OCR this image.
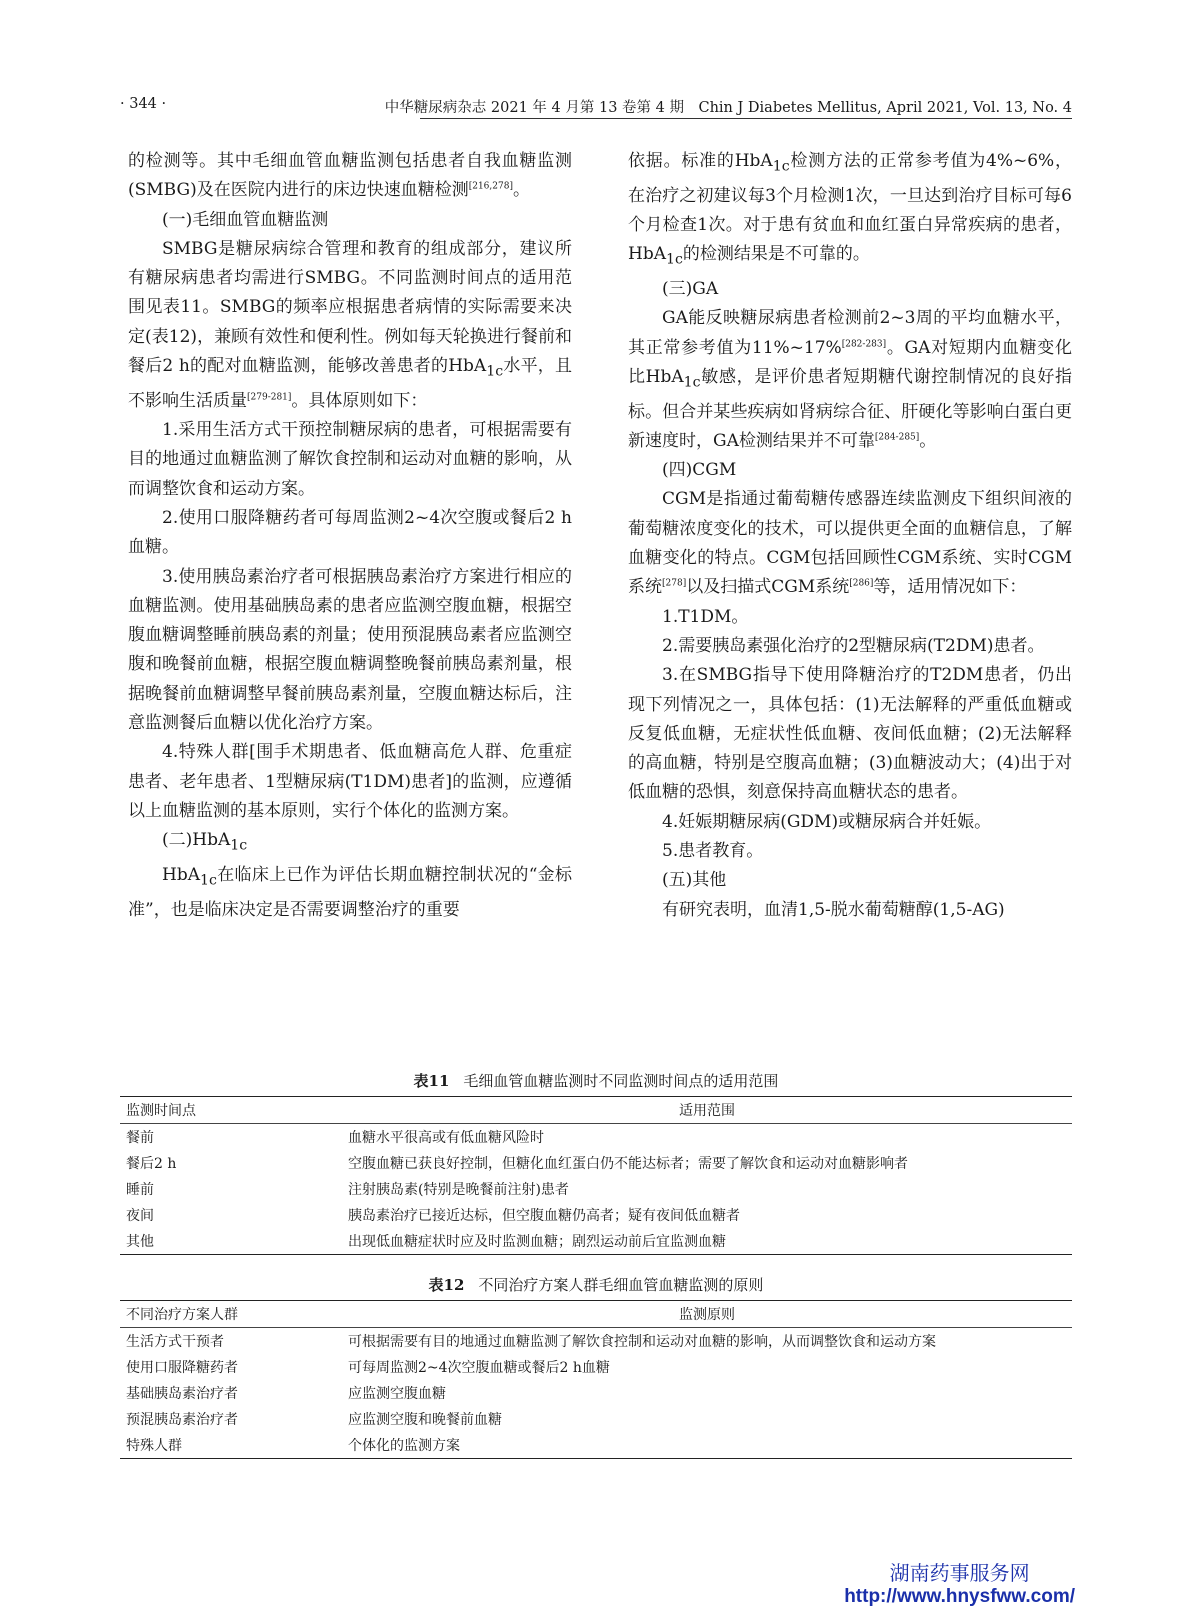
· 344 ·	中华糖尿病杂志 2021 年 4 月第 13 卷第 4 期　Chin J Diabetes Mellitus, April 2021, Vol. 13, No. 4

的检测等。其中毛细血管血糖监测包括患者自我血糖监测(SMBG)及在医院内进行的床边快速血糖检测[216,278]。

(一)毛细血管血糖监测

SMBG是糖尿病综合管理和教育的组成部分，建议所有糖尿病患者均需进行SMBG。不同监测时间点的适用范围见表11。SMBG的频率应根据患者病情的实际需要来决定(表12)，兼顾有效性和便利性。例如每天轮换进行餐前和餐后2 h的配对血糖监测，能够改善患者的HbA$_{1c}$水平，且不影响生活质量[279-281]。具体原则如下：

1.采用生活方式干预控制糖尿病的患者，可根据需要有目的地通过血糖监测了解饮食控制和运动对血糖的影响，从而调整饮食和运动方案。

2.使用口服降糖药者可每周监测2~4次空腹或餐后2 h血糖。

3.使用胰岛素治疗者可根据胰岛素治疗方案进行相应的血糖监测。使用基础胰岛素的患者应监测空腹血糖，根据空腹血糖调整睡前胰岛素的剂量；使用预混胰岛素者应监测空腹和晚餐前血糖，根据空腹血糖调整晚餐前胰岛素剂量，根据晚餐前血糖调整早餐前胰岛素剂量，空腹血糖达标后，注意监测餐后血糖以优化治疗方案。

4.特殊人群[围手术期患者、低血糖高危人群、危重症患者、老年患者、1型糖尿病(T1DM)患者]的监测，应遵循以上血糖监测的基本原则，实行个体化的监测方案。

(二)HbA$_{1c}$

HbA$_{1c}$在临床上已作为评估长期血糖控制状况的“金标准”，也是临床决定是否需要调整治疗的重要

依据。标准的HbA$_{1c}$检测方法的正常参考值为4%~6%，在治疗之初建议每3个月检测1次，一旦达到治疗目标可每6个月检查1次。对于患有贫血和血红蛋白异常疾病的患者，HbA$_{1c}$的检测结果是不可靠的。

(三)GA

GA能反映糖尿病患者检测前2~3周的平均血糖水平，其正常参考值为11%~17%[282-283]。GA对短期内血糖变化比HbA$_{1c}$敏感，是评价患者短期糖代谢控制情况的良好指标。但合并某些疾病如肾病综合征、肝硬化等影响白蛋白更新速度时，GA检测结果并不可靠[284-285]。

(四)CGM

CGM是指通过葡萄糖传感器连续监测皮下组织间液的葡萄糖浓度变化的技术，可以提供更全面的血糖信息，了解血糖变化的特点。CGM包括回顾性CGM系统、实时CGM系统[278]以及扫描式CGM系统[286]等，适用情况如下：

1.T1DM。

2.需要胰岛素强化治疗的2型糖尿病(T2DM)患者。

3.在SMBG指导下使用降糖治疗的T2DM患者，仍出现下列情况之一，具体包括：(1)无法解释的严重低血糖或反复低血糖，无症状性低血糖、夜间低血糖；(2)无法解释的高血糖，特别是空腹高血糖；(3)血糖波动大；(4)出于对低血糖的恐惧，刻意保持高血糖状态的患者。

4.妊娠期糖尿病(GDM)或糖尿病合并妊娠。

5.患者教育。

(五)其他

有研究表明，血清1,5-脱水葡萄糖醇(1,5-AG)

表11 毛细血管血糖监测时不同监测时间点的适用范围
监测时间点	适用范围
餐前	血糖水平很高或有低血糖风险时
餐后2 h	空腹血糖已获良好控制，但糖化血红蛋白仍不能达标者；需要了解饮食和运动对血糖影响者
睡前	注射胰岛素(特别是晚餐前注射)患者
夜间	胰岛素治疗已接近达标，但空腹血糖仍高者；疑有夜间低血糖者
其他	出现低血糖症状时应及时监测血糖；剧烈运动前后宜监测血糖
表12 不同治疗方案人群毛细血管血糖监测的原则
不同治疗方案人群	监测原则
生活方式干预者	可根据需要有目的地通过血糖监测了解饮食控制和运动对血糖的影响，从而调整饮食和运动方案
使用口服降糖药者	可每周监测2~4次空腹血糖或餐后2 h血糖
基础胰岛素治疗者	应监测空腹血糖
预混胰岛素治疗者	应监测空腹和晚餐前血糖
特殊人群	个体化的监测方案
湖南药事服务网
http://www.hnysfww.com/
